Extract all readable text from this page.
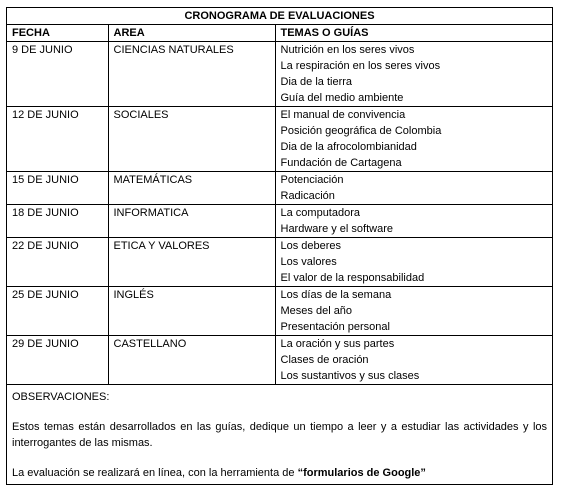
CRONOGRAMA DE EVALUACIONES		
FECHA	AREA	TEMAS O GUÍAS
9 DE JUNIO	CIENCIAS NATURALES	Nutrición en los seres vivos
La respiración en los seres vivos
Dia de la tierra
Guía del medio ambiente

12 DE JUNIO	SOCIALES	El manual de convivencia
Posición geográfica de Colombia
Dia de la afrocolombianidad
Fundación de Cartagena

15 DE JUNIO	MATEMÁTICAS	Potenciación
Radicación

18 DE JUNIO	INFORMATICA	La computadora
Hardware y el software

22 DE JUNIO	ETICA Y VALORES	Los deberes
Los valores
El valor de la responsabilidad

25 DE JUNIO	INGLÉS	Los días de la semana
Meses del año
Presentación personal

29 DE JUNIO	CASTELLANO	La oración y sus partes
Clases de oración
Los sustantivos y sus clases

OBSERVACIONES:

Estos temas están desarrollados en las guías, dedique un tiempo a leer y a estudiar las actividades y los interrogantes de las mismas.

La evaluación se realizará en línea, con la herramienta de “formularios de Google”
